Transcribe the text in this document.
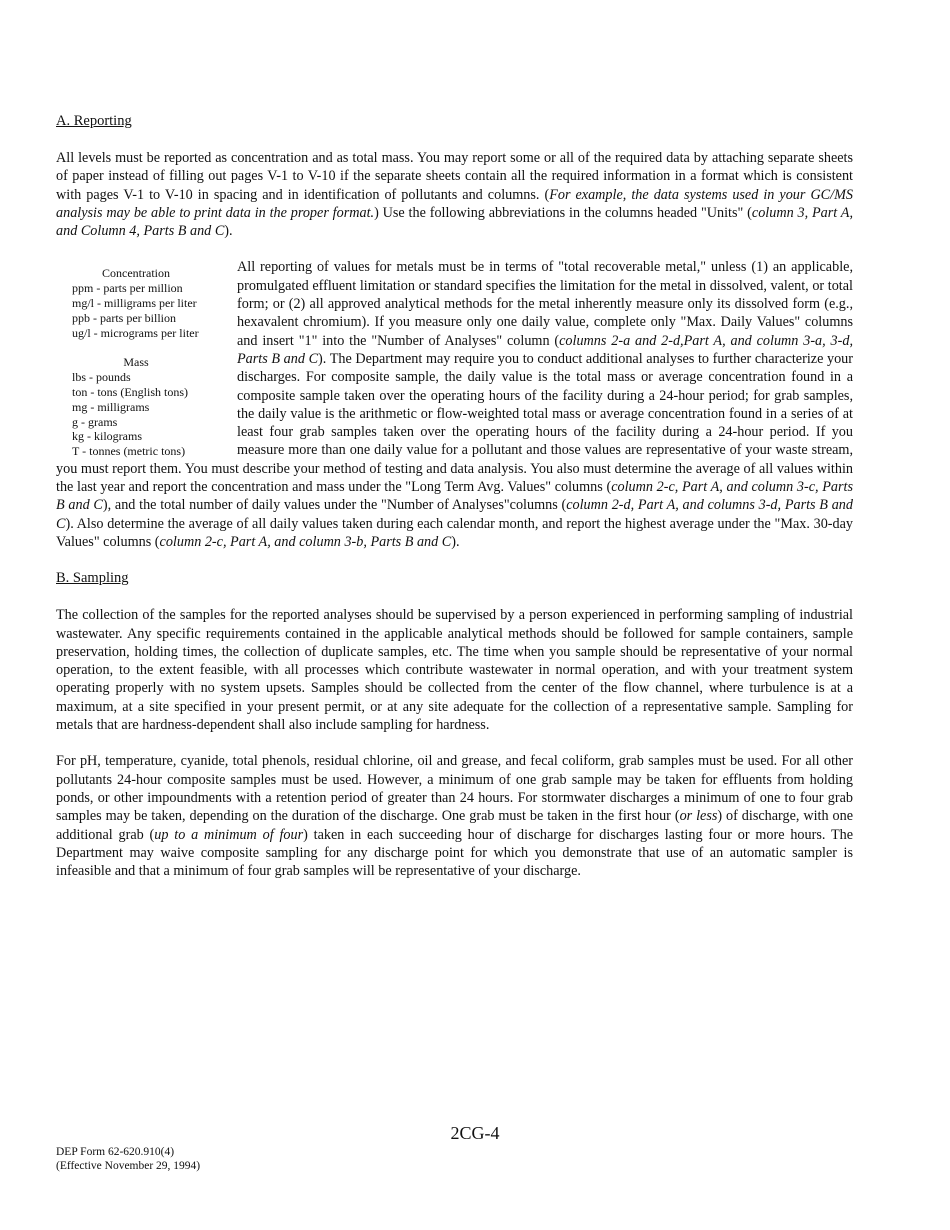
A. Reporting

All levels must be reported as concentration and as total mass. You may report some or all of the required data by attaching separate sheets of paper instead of filling out pages V-1 to V-10 if the separate sheets contain all the required information in a format which is consistent with pages V-1 to V-10 in spacing and in identification of pollutants and columns. (For example, the data systems used in your GC/MS analysis may be able to print data in the proper format.) Use the following abbreviations in the columns headed "Units" (column 3, Part A, and Column 4, Parts B and C).

Concentration
ppm - parts per million
mg/l - milligrams per liter
ppb - parts per billion
ug/l - micrograms per liter
Mass
lbs - pounds
ton - tons (English tons)
mg - milligrams
g - grams
kg - kilograms
T - tonnes (metric tons)

All reporting of values for metals must be in terms of "total recoverable metal," unless (1) an applicable, promulgated effluent limitation or standard specifies the limitation for the metal in dissolved, valent, or total form; or (2) all approved analytical methods for the metal inherently measure only its dissolved form (e.g., hexavalent chromium). If you measure only one daily value, complete only "Max. Daily Values" columns and insert "1" into the "Number of Analyses" column (columns 2-a and 2-d,Part A, and column 3-a, 3-d, Parts B and C). The Department may require you to conduct additional analyses to further characterize your discharges. For composite sample, the daily value is the total mass or average concentration found in a composite sample taken over the operating hours of the facility during a 24-hour period; for grab samples, the daily value is the arithmetic or flow-weighted total mass or average concentration found in a series of at least four grab samples taken over the operating hours of the facility during a 24-hour period. If you measure more than one daily value for a pollutant and those values are representative of your waste stream, you must report them. You must describe your method of testing and data analysis. You also must determine the average of all values within the last year and report the concentration and mass under the "Long Term Avg. Values" columns (column 2-c, Part A, and column 3-c, Parts B and C), and the total number of daily values under the "Number of Analyses"columns (column 2-d, Part A, and columns 3-d, Parts B and C). Also determine the average of all daily values taken during each calendar month, and report the highest average under the "Max. 30-day Values" columns (column 2-c, Part A, and column 3-b, Parts B and C).

B. Sampling

The collection of the samples for the reported analyses should be supervised by a person experienced in performing sampling of industrial wastewater. Any specific requirements contained in the applicable analytical methods should be followed for sample containers, sample preservation, holding times, the collection of duplicate samples, etc. The time when you sample should be representative of your normal operation, to the extent feasible, with all processes which contribute wastewater in normal operation, and with your treatment system operating properly with no system upsets. Samples should be collected from the center of the flow channel, where turbulence is at a maximum, at a site specified in your present permit, or at any site adequate for the collection of a representative sample. Sampling for metals that are hardness-dependent shall also include sampling for hardness.

For pH, temperature, cyanide, total phenols, residual chlorine, oil and grease, and fecal coliform, grab samples must be used. For all other pollutants 24-hour composite samples must be used. However, a minimum of one grab sample may be taken for effluents from holding ponds, or other impoundments with a retention period of greater than 24 hours. For stormwater discharges a minimum of one to four grab samples may be taken, depending on the duration of the discharge. One grab must be taken in the first hour (or less) of discharge, with one additional grab (up to a minimum of four) taken in each succeeding hour of discharge for discharges lasting four or more hours. The Department may waive composite sampling for any discharge point for which you demonstrate that use of an automatic sampler is infeasible and that a minimum of four grab samples will be representative of your discharge.

2CG-4
DEP Form 62-620.910(4)
(Effective November 29, 1994)
